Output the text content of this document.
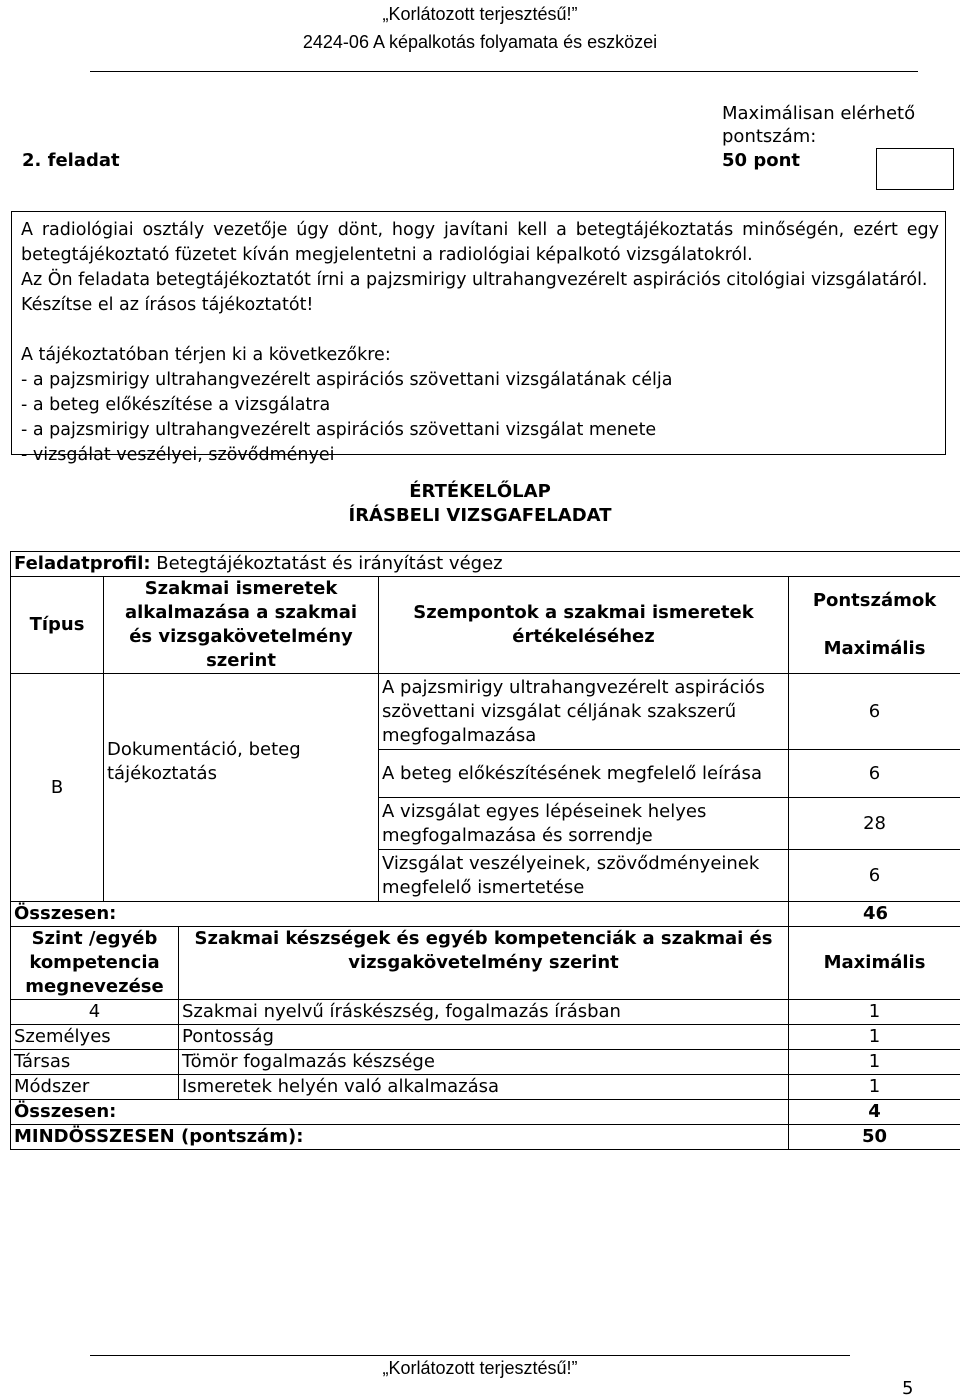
„Korlátozott terjesztésű!”
2424-06 A képalkotás folyamata és eszközei
2. feladat
Maximálisan elérhető pontszám:
50 pont

A radiológiai osztály vezetője úgy dönt, hogy javítani kell a betegtájékoztatás minőségén, ezért egy betegtájékoztató füzetet kíván megjelentetni a radiológiai képalkotó vizsgálatokról.

Az Ön feladata betegtájékoztatót írni a pajzsmirigy ultrahangvezérelt aspirációs citológiai vizsgálatáról.

Készítse el az írásos tájékoztatót!

A tájékoztatóban térjen ki a következőkre:

- a pajzsmirigy ultrahangvezérelt aspirációs szövettani vizsgálatának célja

- a beteg előkészítése a vizsgálatra

- a pajzsmirigy ultrahangvezérelt aspirációs szövettani vizsgálat menete

- vizsgálat veszélyei, szövődményei

ÉRTÉKELŐLAP
ÍRÁSBELI VIZSGAFELADAT
Feladatprofil: Betegtájékoztatást és irányítást végez				
Típus	Szakmai ismeretek alkalmazása a szakmai és vizsgakövetelmény szerint		Szempontok a szakmai ismeretek értékeléséhez	Pontszámok
Maximális

B	Dokumentáció, beteg tájékoztatás		A pajzsmirigy ultrahangvezérelt aspirációs szövettani vizsgálat céljának szakszerű megfogalmazása	6
			A beteg előkészítésének megfelelő leírása	6
			A vizsgálat egyes lépéseinek helyes megfogalmazása és sorrendje	28
			Vizsgálat veszélyeinek, szövődményeinek megfelelő ismertetése	6
Összesen:				46
Szint /egyéb kompetencia megnevezése		Szakmai készségek és egyéb kompetenciák a szakmai és vizsgakövetelmény szerint		Maximális
4		Szakmai nyelvű íráskészség, fogalmazás írásban		1
Személyes		Pontosság		1
Társas		Tömör fogalmazás készsége		1
Módszer		Ismeretek helyén való alkalmazása		1
Összesen:				4
MINDÖSSZESEN (pontszám):				50
„Korlátozott terjesztésű!”
5
